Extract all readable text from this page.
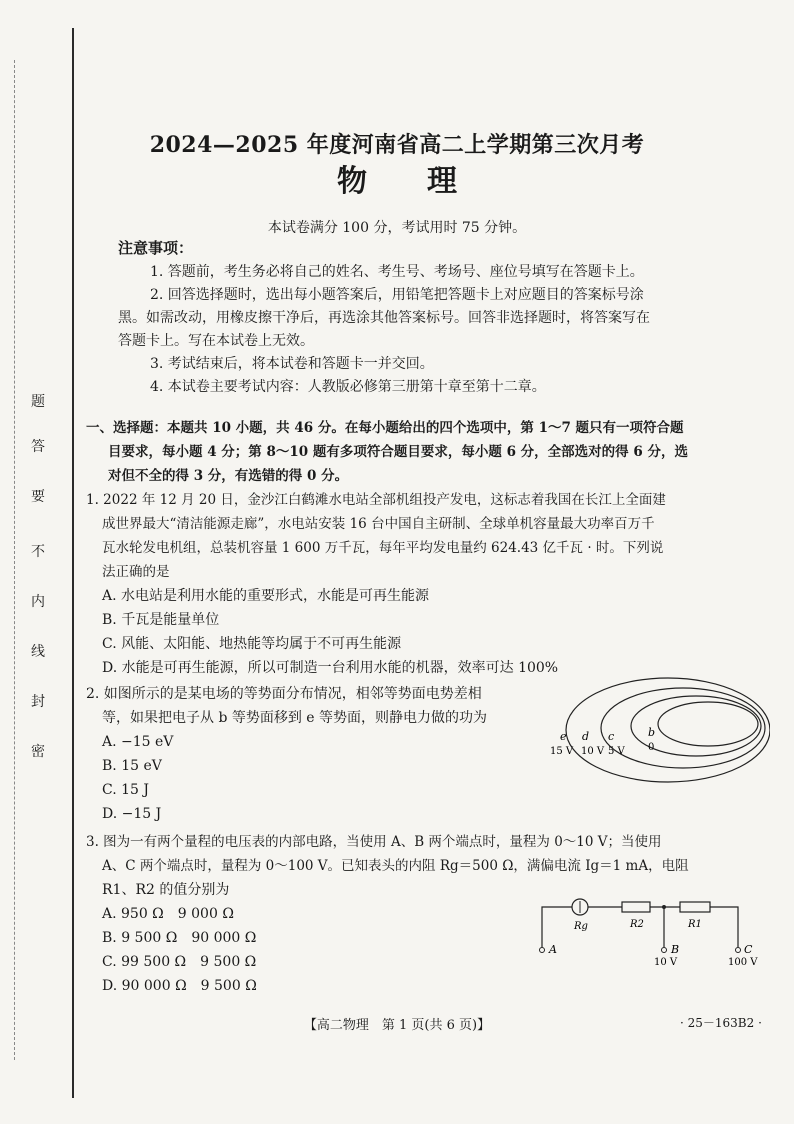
题
答
要
不
内
线
封
密
2024—2025 年度河南省高二上学期第三次月考
物理
本试卷满分 100 分，考试用时 75 分钟。
注意事项：
1. 答题前，考生务必将自己的姓名、考生号、考场号、座位号填写在答题卡上。
2. 回答选择题时，选出每小题答案后，用铅笔把答题卡上对应题目的答案标号涂
黑。如需改动，用橡皮擦干净后，再选涂其他答案标号。回答非选择题时，将答案写在
答题卡上。写在本试卷上无效。
3. 考试结束后，将本试卷和答题卡一并交回。
4. 本试卷主要考试内容：人教版必修第三册第十章至第十二章。
一、选择题：本题共 10 小题，共 46 分。在每小题给出的四个选项中，第 1～7 题只有一项符合题
目要求，每小题 4 分；第 8～10 题有多项符合题目要求，每小题 6 分，全部选对的得 6 分，选
对但不全的得 3 分，有选错的得 0 分。
1. 2022 年 12 月 20 日，金沙江白鹤滩水电站全部机组投产发电，这标志着我国在长江上全面建
成世界最大“清洁能源走廊”，水电站安装 16 台中国自主研制、全球单机容量最大功率百万千
瓦水轮发电机组，总装机容量 1 600 万千瓦，每年平均发电量约 624.43 亿千瓦 · 时。下列说
法正确的是
A. 水电站是利用水能的重要形式，水能是可再生能源
B. 千瓦是能量单位
C. 风能、太阳能、地热能等均属于不可再生能源
D. 水能是可再生能源，所以可制造一台利用水能的机器，效率可达 100%
2. 如图所示的是某电场的等势面分布情况，相邻等势面电势差相
等，如果把电子从 b 等势面移到 e 等势面，则静电力做的功为
A. −15 eV
B. 15 eV
C. 15 J
D. −15 J
e d c	b
15 V 10 V 5 V 0
3. 图为一有两个量程的电压表的内部电路，当使用 A、B 两个端点时，量程为 0～10 V；当使用
A、C 两个端点时，量程为 0～100 V。已知表头的内阻 Rg＝500 Ω，满偏电流 Ig＝1 mA，电阻
R1、R2 的值分别为
A. 950 Ω　9 000 Ω
B. 9 500 Ω　90 000 Ω
C. 99 500 Ω　9 500 Ω
D. 90 000 Ω　9 500 Ω
Rg	R2	R1
A	B	C
10 V	100 V
【高二物理　第 1 页(共 6 页)】	· 25－163B2 ·
